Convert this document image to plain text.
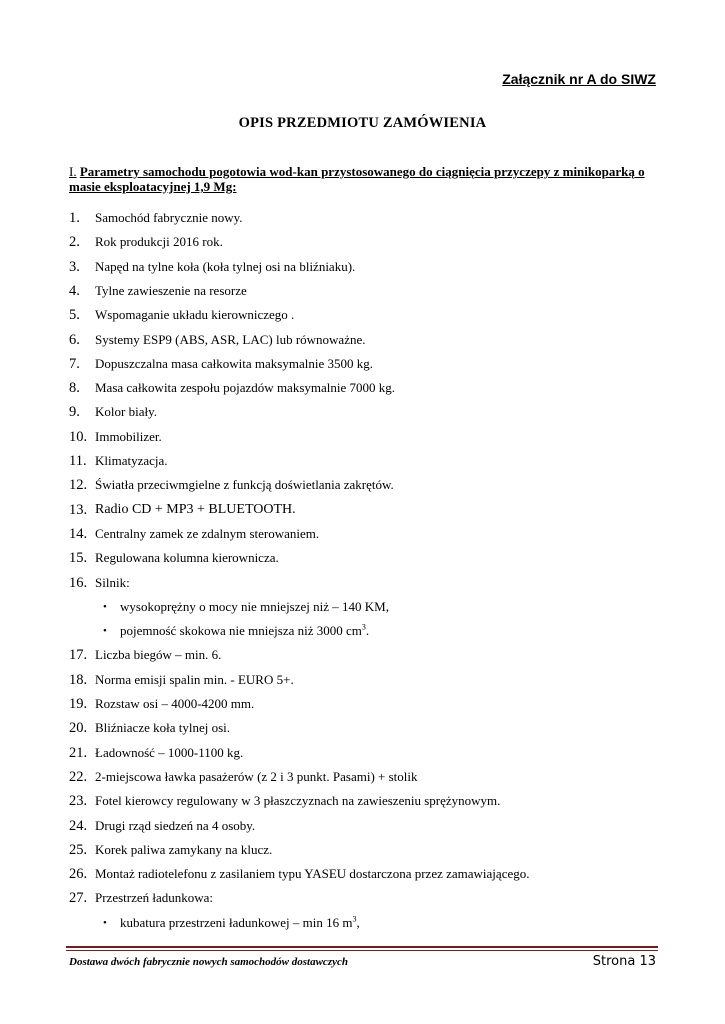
Załącznik nr A do SIWZ
OPIS PRZEDMIOTU ZAMÓWIENIA
I. Parametry samochodu pogotowia wod-kan przystosowanego do ciągnięcia przyczepy z minikoparką o masie eksploatacyjnej 1,9 Mg:
1.	Samochód fabrycznie nowy.
2.	Rok produkcji 2016 rok.
3.	Napęd na tylne koła (koła tylnej osi na bliźniaku).
4.	Tylne zawieszenie na resorze
5.	Wspomaganie układu kierowniczego .
6.	Systemy ESP9 (ABS, ASR, LAC) lub równoważne.
7.	Dopuszczalna masa całkowita maksymalnie 3500 kg.
8.	Masa całkowita zespołu pojazdów maksymalnie 7000 kg.
9.	Kolor biały.
10. Immobilizer.
11. Klimatyzacja.
12. Światła przeciwmgielne z funkcją doświetlania zakrętów.
13. Radio CD + MP3 + BLUETOOTH.
14. Centralny zamek ze zdalnym sterowaniem.
15. Regulowana kolumna kierownicza.
16. Silnik:
• wysokoprężny o mocy nie mniejszej niż – 140 KM,
• pojemność skokowa nie mniejsza niż 3000 $cm^3$.
17. Liczba biegów – min. 6.
18. Norma emisji spalin min. - EURO 5+.
19. Rozstaw osi – 4000-4200 mm.
20. Bliźniacze koła tylnej osi.
21. Ładowność – 1000-1100 kg.
22. 2-miejscowa ławka pasażerów (z 2 i 3 punkt. Pasami) + stolik
23. Fotel kierowcy regulowany w 3 płaszczyznach na zawieszeniu sprężynowym.
24. Drugi rząd siedzeń na 4 osoby.
25. Korek paliwa zamykany na klucz.
26. Montaż radiotelefonu z zasilaniem typu YASEU dostarczona przez zamawiającego.
27. Przestrzeń ładunkowa:
• kubatura przestrzeni ładunkowej – min 16 $m^3$,
Dostawa dwóch fabrycznie nowych samochodów dostawczych	Strona 13
